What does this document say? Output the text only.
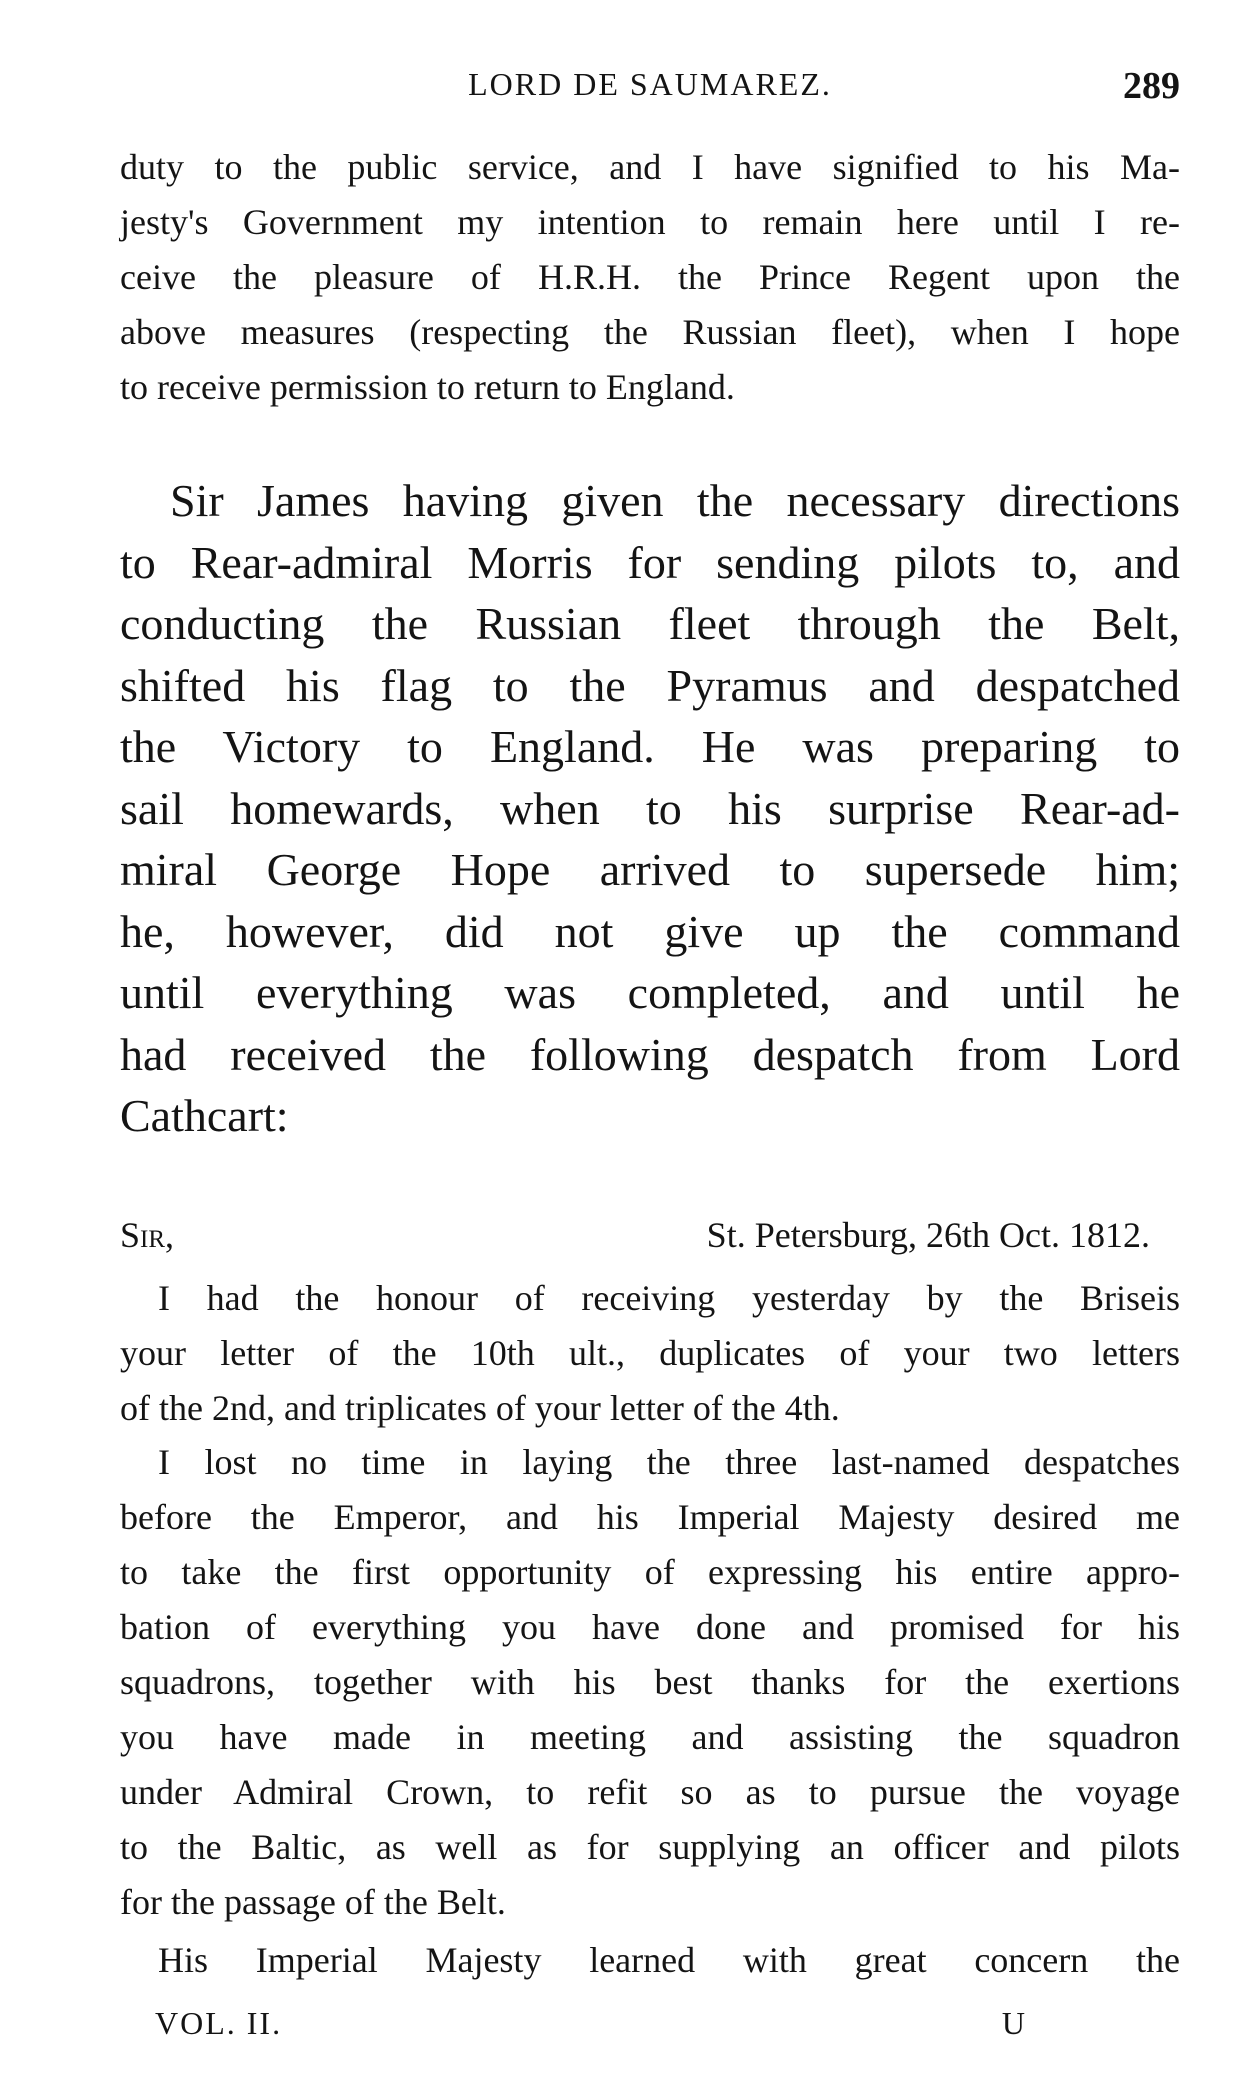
LORD DE SAUMAREZ.	289
duty to the public service, and I have signified to his Ma-
jesty's Government my intention to remain here until I re-
ceive the pleasure of H.R.H. the Prince Regent upon the
above measures (respecting the Russian fleet), when I hope
to receive permission to return to England.
Sir James having given the necessary directions
to Rear-admiral Morris for sending pilots to, and
conducting the Russian fleet through the Belt,
shifted his flag to the Pyramus and despatched
the Victory to England. He was preparing to
sail homewards, when to his surprise Rear-ad-
miral George Hope arrived to supersede him;
he, however, did not give up the command
until everything was completed, and until he
had received the following despatch from Lord
Cathcart:
Sir,	St. Petersburg, 26th Oct. 1812.
I had the honour of receiving yesterday by the Briseis
your letter of the 10th ult., duplicates of your two letters
of the 2nd, and triplicates of your letter of the 4th.
I lost no time in laying the three last-named despatches
before the Emperor, and his Imperial Majesty desired me
to take the first opportunity of expressing his entire appro-
bation of everything you have done and promised for his
squadrons, together with his best thanks for the exertions
you have made in meeting and assisting the squadron
under Admiral Crown, to refit so as to pursue the voyage
to the Baltic, as well as for supplying an officer and pilots
for the passage of the Belt.
His Imperial Majesty learned with great concern the
VOL. II.	U
